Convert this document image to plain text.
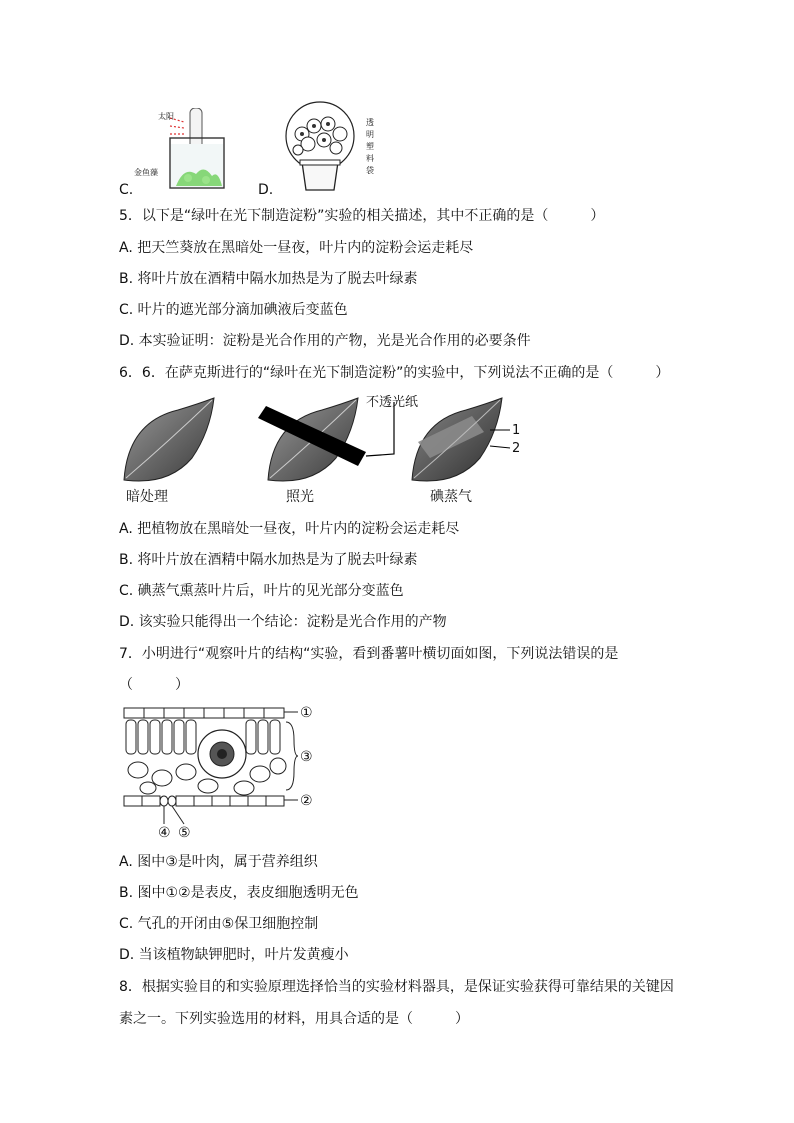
太阳
金鱼藻
透
明
塑
料
袋
C.	D.
5．以下是“绿叶在光下制造淀粉”实验的相关描述，其中不正确的是（　　　）
A. 把天竺葵放在黑暗处一昼夜，叶片内的淀粉会运走耗尽
B. 将叶片放在酒精中隔水加热是为了脱去叶绿素
C. 叶片的遮光部分滴加碘液后变蓝色
D. 本实验证明：淀粉是光合作用的产物，光是光合作用的必要条件
6．6．在萨克斯进行的“绿叶在光下制造淀粉”的实验中，下列说法不正确的是（　　　）
不透光纸
1
2
暗处理	照光	碘蒸气
A. 把植物放在黑暗处一昼夜，叶片内的淀粉会运走耗尽
B. 将叶片放在酒精中隔水加热是为了脱去叶绿素
C. 碘蒸气熏蒸叶片后，叶片的见光部分变蓝色
D. 该实验只能得出一个结论：淀粉是光合作用的产物
7．小明进行“观察叶片的结构“实验，看到番薯叶横切面如图，下列说法错误的是
（　　　）
①
③
②
④ ⑤
A. 图中③是叶肉，属于营养组织
B. 图中①②是表皮，表皮细胞透明无色
C. 气孔的开闭由⑤保卫细胞控制
D. 当该植物缺钾肥时，叶片发黄瘦小
8．根据实验目的和实验原理选择恰当的实验材料器具，是保证实验获得可靠结果的关键因
素之一。下列实验选用的材料，用具合适的是（　　　）
